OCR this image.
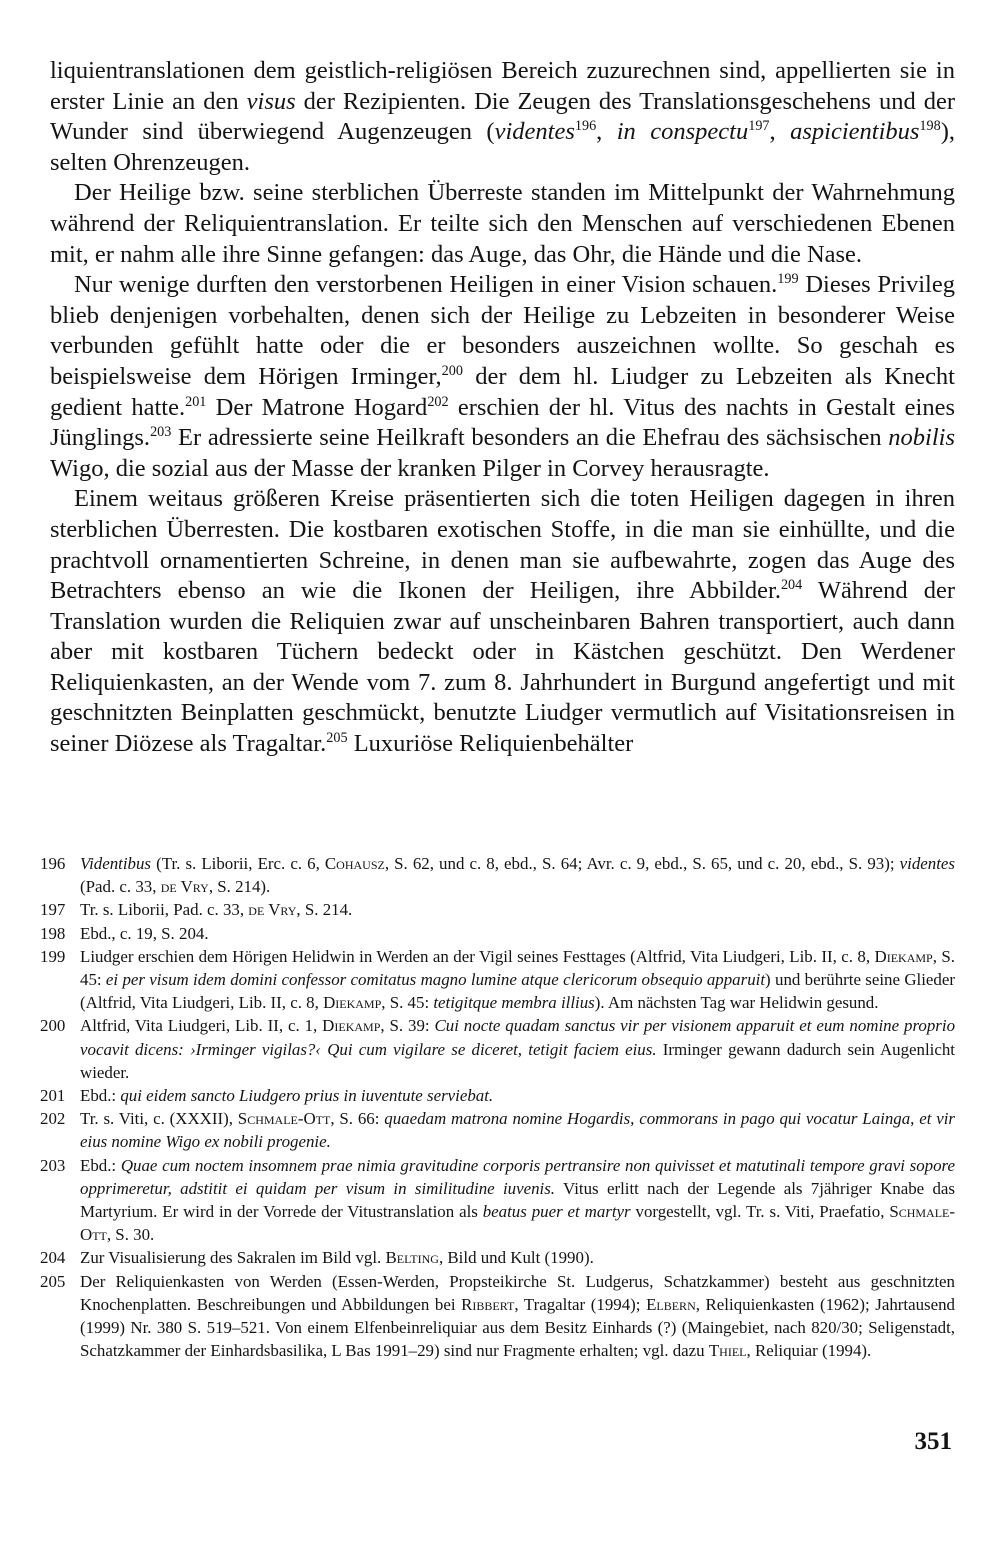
liquientranslationen dem geistlich-religiösen Bereich zuzurechnen sind, appellierten sie in erster Linie an den visus der Rezipienten. Die Zeugen des Translationsgeschehens und der Wunder sind überwiegend Augenzeugen (videntes$^{196}$, in conspectu$^{197}$, aspicientibus$^{198}$), selten Ohrenzeugen.

Der Heilige bzw. seine sterblichen Überreste standen im Mittelpunkt der Wahrnehmung während der Reliquientranslation. Er teilte sich den Menschen auf verschiedenen Ebenen mit, er nahm alle ihre Sinne gefangen: das Auge, das Ohr, die Hände und die Nase.

Nur wenige durften den verstorbenen Heiligen in einer Vision schauen.$^{199}$ Dieses Privileg blieb denjenigen vorbehalten, denen sich der Heilige zu Lebzeiten in besonderer Weise verbunden gefühlt hatte oder die er besonders auszeichnen wollte. So geschah es beispielsweise dem Hörigen Irminger,$^{200}$ der dem hl. Liudger zu Lebzeiten als Knecht gedient hatte.$^{201}$ Der Matrone Hogard$^{202}$ erschien der hl. Vitus des nachts in Gestalt eines Jünglings.$^{203}$ Er adressierte seine Heilkraft besonders an die Ehefrau des sächsischen nobilis Wigo, die sozial aus der Masse der kranken Pilger in Corvey herausragte.

Einem weitaus größeren Kreise präsentierten sich die toten Heiligen dagegen in ihren sterblichen Überresten. Die kostbaren exotischen Stoffe, in die man sie einhüllte, und die prachtvoll ornamentierten Schreine, in denen man sie aufbewahrte, zogen das Auge des Betrachters ebenso an wie die Ikonen der Heiligen, ihre Abbilder.$^{204}$ Während der Translation wurden die Reliquien zwar auf unscheinbaren Bahren transportiert, auch dann aber mit kostbaren Tüchern bedeckt oder in Kästchen geschützt. Den Werdener Reliquienkasten, an der Wende vom 7. zum 8. Jahrhundert in Burgund angefertigt und mit geschnitzten Beinplatten geschmückt, benutzte Liudger vermutlich auf Visitationsreisen in seiner Diözese als Tragaltar.$^{205}$ Luxuriöse Reliquienbehälter

196 Videntibus (Tr. s. Liborii, Erc. c. 6, Cohausz, S. 62, und c. 8, ebd., S. 64; Avr. c. 9, ebd., S. 65, und c. 20, ebd., S. 93); videntes (Pad. c. 33, de Vry, S. 214).
197 Tr. s. Liborii, Pad. c. 33, de Vry, S. 214.
198 Ebd., c. 19, S. 204.
199 Liudger erschien dem Hörigen Helidwin in Werden an der Vigil seines Festtages (Altfrid, Vita Liudgeri, Lib. II, c. 8, Diekamp, S. 45: ei per visum idem domini confessor comitatus magno lumine atque clericorum obsequio apparuit) und berührte seine Glieder (Altfrid, Vita Liudgeri, Lib. II, c. 8, Diekamp, S. 45: tetigitque membra illius). Am nächsten Tag war Helidwin gesund.
200 Altfrid, Vita Liudgeri, Lib. II, c. 1, Diekamp, S. 39: Cui nocte quadam sanctus vir per visionem apparuit et eum nomine proprio vocavit dicens: ›Irminger vigilas?‹ Qui cum vigilare se diceret, tetigit faciem eius. Irminger gewann dadurch sein Augenlicht wieder.
201 Ebd.: qui eidem sancto Liudgero prius in iuventute serviebat.
202 Tr. s. Viti, c. (XXXII), Schmale-Ott, S. 66: quaedam matrona nomine Hogardis, commorans in pago qui vocatur Lainga, et vir eius nomine Wigo ex nobili progenie.
203 Ebd.: Quae cum noctem insomnem prae nimia gravitudine corporis pertransire non quivisset et matutinali tempore gravi sopore opprimeretur, adstitit ei quidam per visum in similitudine iuvenis. Vitus erlitt nach der Legende als 7jähriger Knabe das Martyrium. Er wird in der Vorrede der Vitustranslation als beatus puer et martyr vorgestellt, vgl. Tr. s. Viti, Praefatio, Schmale-Ott, S. 30.
204 Zur Visualisierung des Sakralen im Bild vgl. Belting, Bild und Kult (1990).
205 Der Reliquienkasten von Werden (Essen-Werden, Propsteikirche St. Ludgerus, Schatzkammer) besteht aus geschnitzten Knochenplatten. Beschreibungen und Abbildungen bei Ribbert, Tragaltar (1994); Elbern, Reliquienkasten (1962); Jahrtausend (1999) Nr. 380 S. 519–521. Von einem Elfenbeinreliquiar aus dem Besitz Einhards (?) (Maingebiet, nach 820/30; Seligenstadt, Schatzkammer der Einhardsbasilika, L Bas 1991–29) sind nur Fragmente erhalten; vgl. dazu Thiel, Reliquiar (1994).
351
